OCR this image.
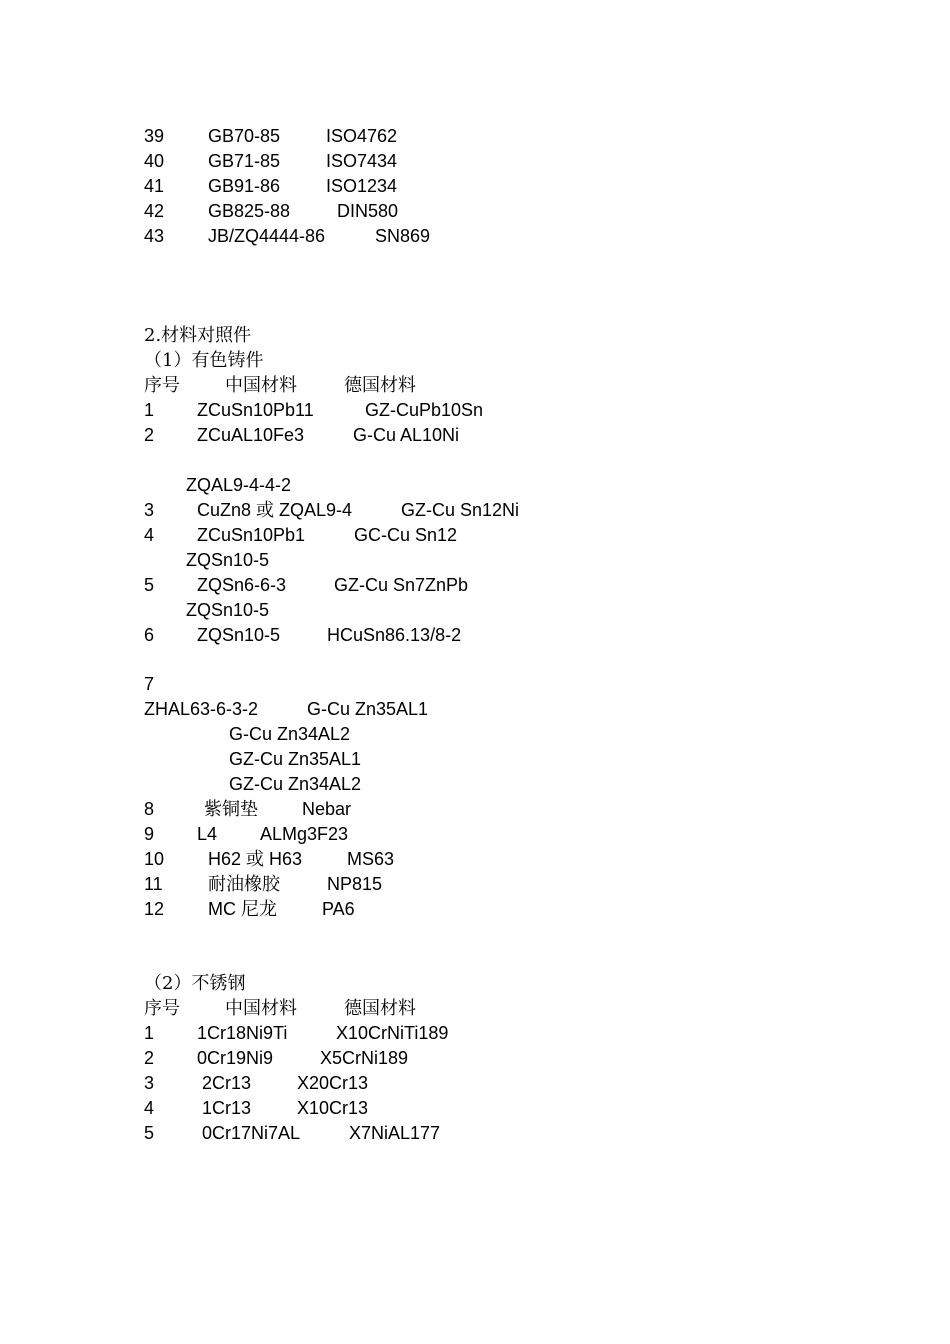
39 GB70-85	ISO4762
40 GB71-85	ISO7434
41 GB91-86	ISO1234
42 GB825-88	DIN580
43 JB/ZQ4444-86	SN869
2.材料对照件
（1）有色铸件
序号	中国材料	德国材料
1 ZCuSn10Pb11	GZ-CuPb10Sn
2 ZCuAL10Fe3	G-Cu AL10Ni
ZQAL9-4-4-2
3 CuZn8 或 ZQAL9-4	GZ-Cu Sn12Ni
4 ZCuSn10Pb1	GC-Cu Sn12
ZQSn10-5
5 ZQSn6-6-3	GZ-Cu Sn7ZnPb
ZQSn10-5
6 ZQSn10-5	HCuSn86.13/8-2
7
ZHAL63-6-3-2	G-Cu Zn35AL1
G-Cu Zn34AL2
GZ-Cu Zn35AL1
GZ-Cu Zn34AL2
8	紫铜垫 Nebar
9 L4 ALMg3F23
10 H62 或 H63 MS63
11	耐油橡胶	NP815
12 MC 尼龙	PA6
（2）不锈钢
序号	中国材料	德国材料
1 1Cr18Ni9Ti	X10CrNiTi189
2 0Cr19Ni9	X5CrNi189
3	2Cr13	X20Cr13
4	1Cr13	X10Cr13
5	0Cr17Ni7AL	X7NiAL177
